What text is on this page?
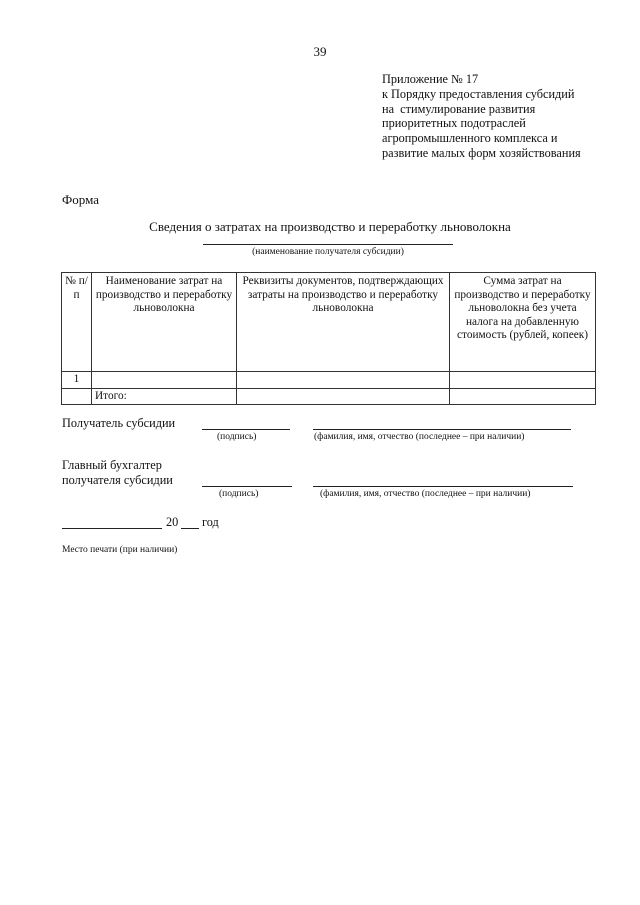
39
Приложение № 17
к Порядку предоставления субсидий
на  стимулирование развития
приоритетных подотраслей
агропромышленного комплекса и
развитие малых форм хозяйствования
Форма
Сведения о затратах на производство и переработку льноволокна
(наименование получателя субсидии)
№ п/п	Наименование затрат на производство и переработку льноволокна	Реквизиты документов, подтверждающих затраты на производство и переработку льноволокна	Сумма затрат на производство и переработку льноволокна без учета налога на добавленную стоимость (рублей, копеек)
1			
	Итого:		
Получатель субсидии
(подпись)	(фамилия, имя, отчество (последнее – при наличии)
Главный бухгалтер
получателя субсидии
(подпись)	(фамилия, имя, отчество (последнее – при наличии)
20 год
Место печати (при наличии)
